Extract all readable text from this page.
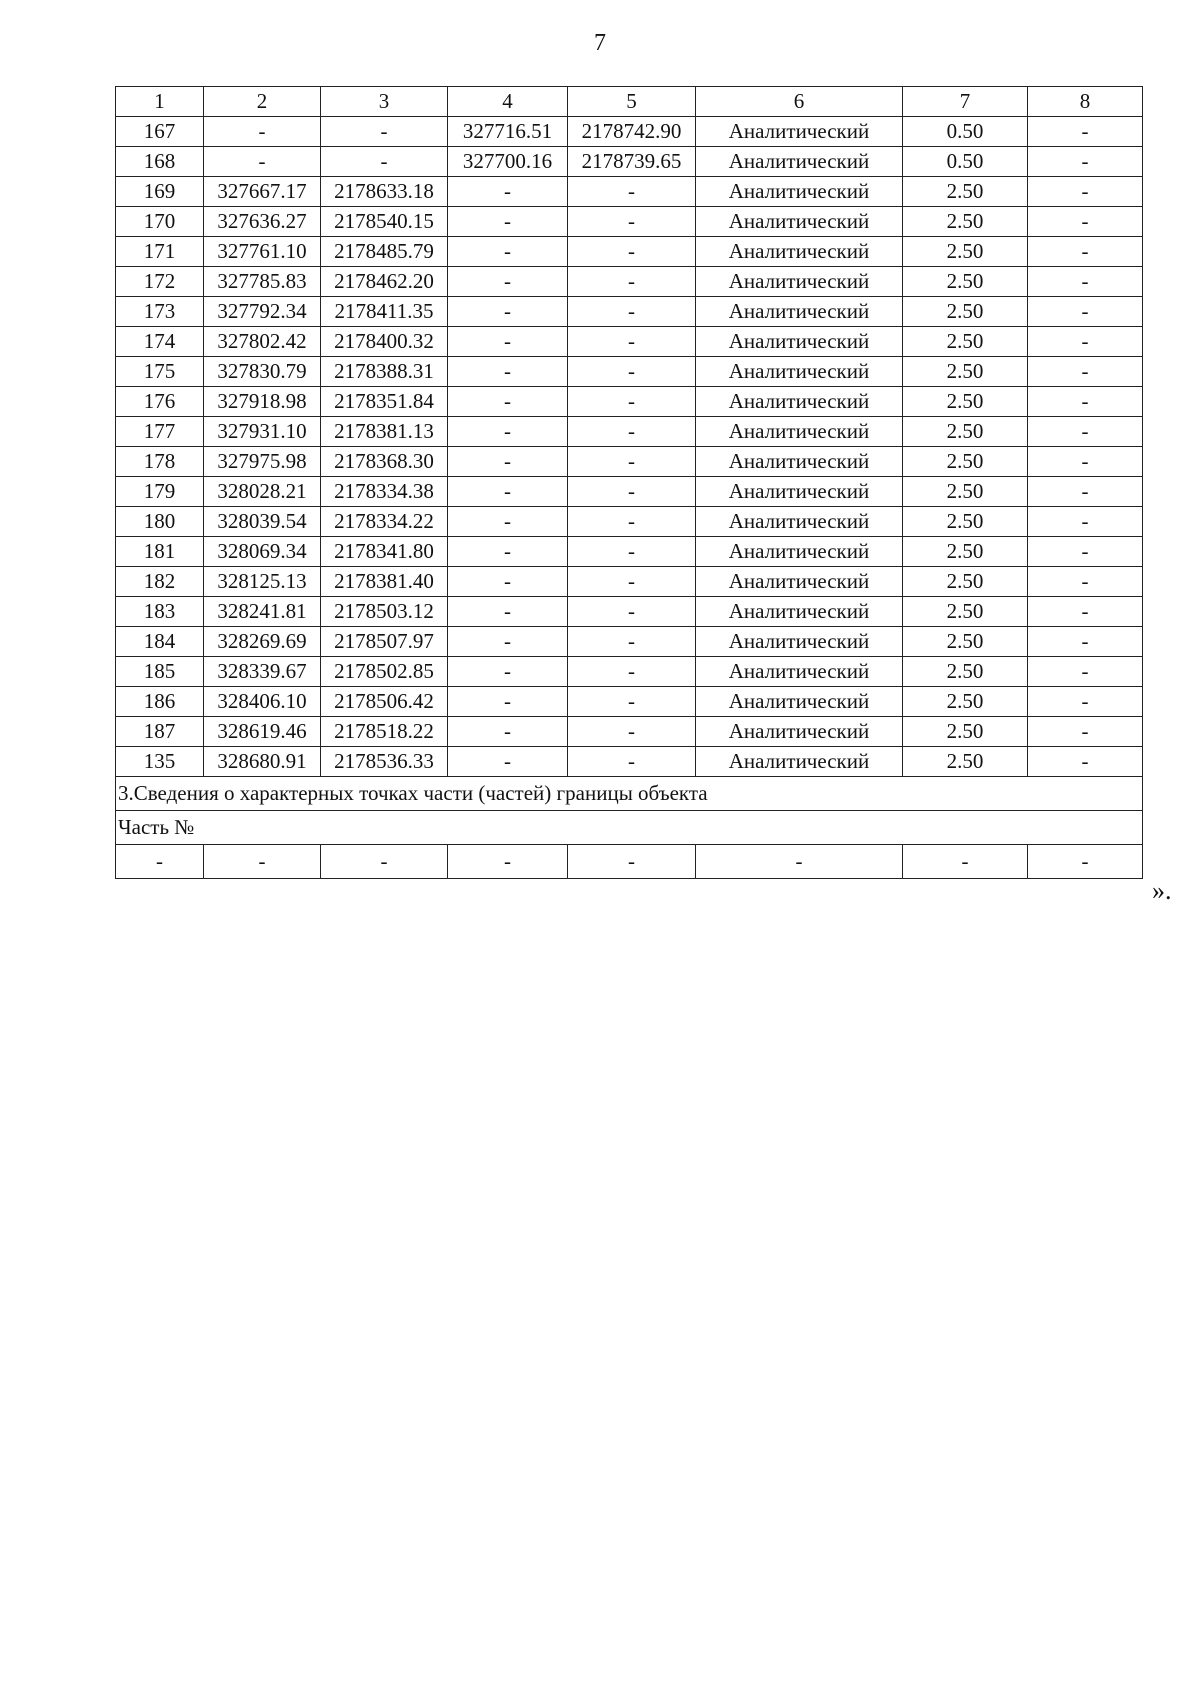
7
1	2	3	4	5	6	7	8
167	-	-	327716.51	2178742.90	Аналитический	0.50	-
168	-	-	327700.16	2178739.65	Аналитический	0.50	-
169	327667.17	2178633.18	-	-	Аналитический	2.50	-
170	327636.27	2178540.15	-	-	Аналитический	2.50	-
171	327761.10	2178485.79	-	-	Аналитический	2.50	-
172	327785.83	2178462.20	-	-	Аналитический	2.50	-
173	327792.34	2178411.35	-	-	Аналитический	2.50	-
174	327802.42	2178400.32	-	-	Аналитический	2.50	-
175	327830.79	2178388.31	-	-	Аналитический	2.50	-
176	327918.98	2178351.84	-	-	Аналитический	2.50	-
177	327931.10	2178381.13	-	-	Аналитический	2.50	-
178	327975.98	2178368.30	-	-	Аналитический	2.50	-
179	328028.21	2178334.38	-	-	Аналитический	2.50	-
180	328039.54	2178334.22	-	-	Аналитический	2.50	-
181	328069.34	2178341.80	-	-	Аналитический	2.50	-
182	328125.13	2178381.40	-	-	Аналитический	2.50	-
183	328241.81	2178503.12	-	-	Аналитический	2.50	-
184	328269.69	2178507.97	-	-	Аналитический	2.50	-
185	328339.67	2178502.85	-	-	Аналитический	2.50	-
186	328406.10	2178506.42	-	-	Аналитический	2.50	-
187	328619.46	2178518.22	-	-	Аналитический	2.50	-
135	328680.91	2178536.33	-	-	Аналитический	2.50	-
3.Сведения о характерных точках части (частей) границы объекта							
Часть №							
-	-	-	-	-	-	-	-
».
